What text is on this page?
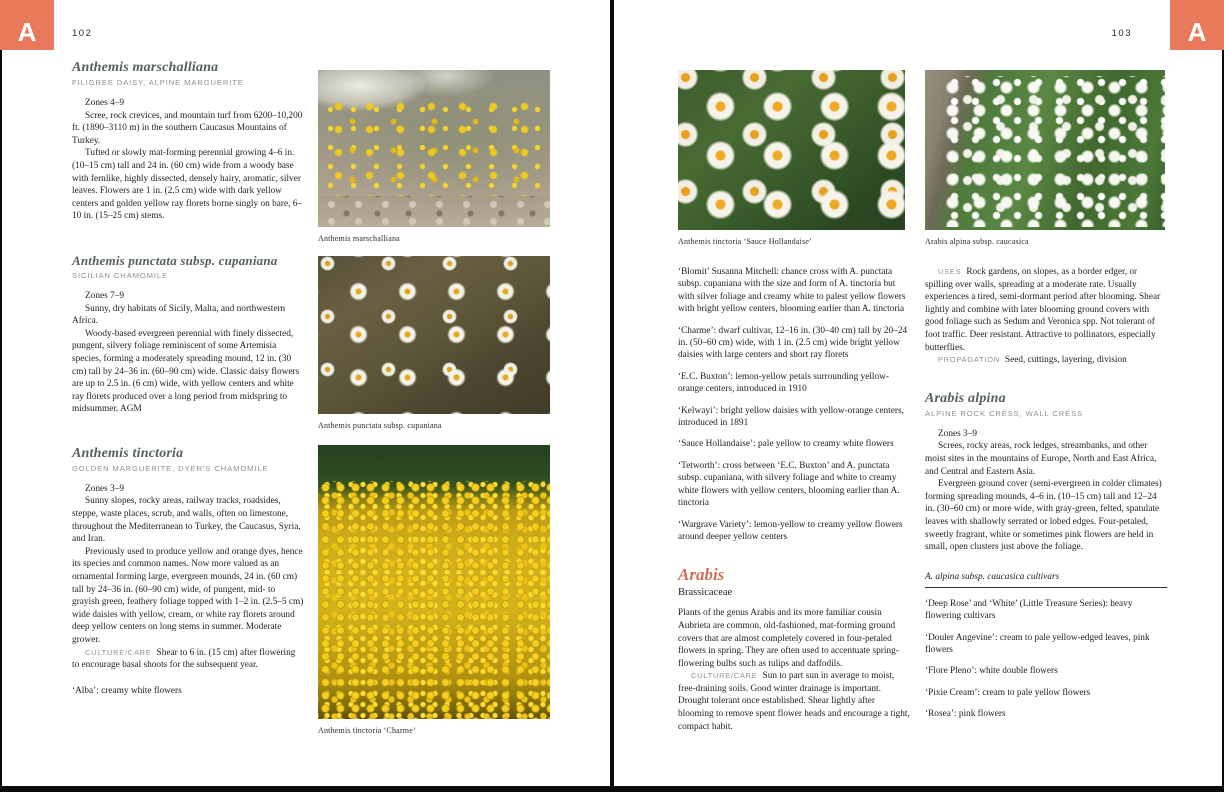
102
Anthemis marschalliana

FILIGREE DAISY, ALPINE MARGUERITE

Zones 4–9

Scree, rock crevices, and mountain turf from 6200–10,200 ft. (1890–3110 m) in the southern Caucasus Mountains of Turkey.

Tufted or slowly mat-forming perennial growing 4–6 in. (10–15 cm) tall and 24 in. (60 cm) wide from a woody base with fernlike, highly dissected, densely hairy, aromatic, silver leaves. Flowers are 1 in. (2.5 cm) wide with dark yellow centers and golden yellow ray florets borne singly on bare, 6–10 in. (15–25 cm) stems.

Anthemis punctata subsp. cupaniana

SICILIAN CHAMOMILE

Zones 7–9

Sunny, dry habitats of Sicily, Malta, and northwestern Africa.

Woody-based evergreen perennial with finely dissected, pungent, silvery foliage reminiscent of some Artemisia species, forming a moderately spreading mound, 12 in. (30 cm) tall by 24–36 in. (60–90 cm) wide. Classic daisy flowers are up to 2.5 in. (6 cm) wide, with yellow centers and white ray florets produced over a long period from midspring to midsummer. AGM

Anthemis tinctoria

GOLDEN MARGUERITE, DYER’S CHAMOMILE

Zones 3–9

Sunny slopes, rocky areas, railway tracks, roadsides, steppe, waste places, scrub, and walls, often on limestone, throughout the Mediterranean to Turkey, the Caucasus, Syria, and Iran.

Previously used to produce yellow and orange dyes, hence its species and common names. Now more valued as an ornamental forming large, evergreen mounds, 24 in. (60 cm) tall by 24–36 in. (60–90 cm) wide, of pungent, mid- to grayish green, feathery foliage topped with 1–2 in. (2.5–5 cm) wide daisies with yellow, cream, or white ray florets around deep yellow centers on long stems in summer. Moderate grower.

CULTURE/CARE Shear to 6 in. (15 cm) after flowering to encourage basal shoots for the subsequent year.

‘Alba’: creamy white flowers

Anthemis marschalliana
Anthemis punctata subsp. cupaniana
Anthemis tinctoria ‘Charme’
103
Anthemis tinctoria ‘Sauce Hollandaise’	Arabis alpina subsp. caucasica

‘Blomit’ Susanna Mitchell: chance cross with A. punctata subsp. cupaniana with the size and form of A. tinctoria but with silver foliage and creamy white to palest yellow flowers with bright yellow centers, blooming earlier than A. tinctoria

‘Charme’: dwarf cultivar, 12–16 in. (30–40 cm) tall by 20–24 in. (50–60 cm) wide, with 1 in. (2.5 cm) wide bright yellow daisies with large centers and short ray florets

‘E.C. Buxton’: lemon-yellow petals surrounding yellow-orange centers, introduced in 1910

‘Kelwayi’: bright yellow daisies with yellow-orange centers, introduced in 1891

‘Sauce Hollandaise’: pale yellow to creamy white flowers

‘Tetworth’: cross between ‘E.C. Buxton’ and A. punctata subsp. cupaniana, with silvery foliage and white to creamy white flowers with yellow centers, blooming earlier than A. tinctoria

‘Wargrave Variety’: lemon-yellow to creamy yellow flowers around deeper yellow centers

Arabis

Brassicaceae

Plants of the genus Arabis and its more familiar cousin Aubrieta are common, old-fashioned, mat-forming ground covers that are almost completely covered in four-petaled flowers in spring. They are often used to accentuate spring-flowering bulbs such as tulips and daffodils.

CULTURE/CARE Sun to part sun in average to moist, free-draining soils. Good winter drainage is important. Drought tolerant once established. Shear lightly after blooming to remove spent flower heads and encourage a tight, compact habit.

USES Rock gardens, on slopes, as a border edger, or spilling over walls, spreading at a moderate rate. Usually experiences a tired, semi-dormant period after blooming. Shear lightly and combine with later blooming ground covers with good foliage such as Sedum and Veronica spp. Not tolerant of foot traffic. Deer resistant. Attractive to pollinators, especially butterflies.

PROPAGATION Seed, cuttings, layering, division

Arabis alpina

ALPINE ROCK CRESS, WALL CRESS

Zones 3–9

Screes, rocky areas, rock ledges, streambanks, and other moist sites in the mountains of Europe, North and East Africa, and Central and Eastern Asia.

Evergreen ground cover (semi-evergreen in colder climates) forming spreading mounds, 4–6 in. (10–15 cm) tall and 12–24 in. (30–60 cm) or more wide, with gray-green, felted, spatulate leaves with shallowly serrated or lobed edges. Four-petaled, sweetly fragrant, white or sometimes pink flowers are held in small, open clusters just above the foliage.

A. alpina subsp. caucasica cultivars

‘Deep Rose’ and ‘White’ (Little Treasure Series): heavy flowering cultivars

‘Douler Angevine’: cream to pale yellow-edged leaves, pink flowers

‘Flore Pleno’: white double flowers

‘Pixie Cream’: cream to pale yellow flowers

‘Rosea’: pink flowers

A	A
